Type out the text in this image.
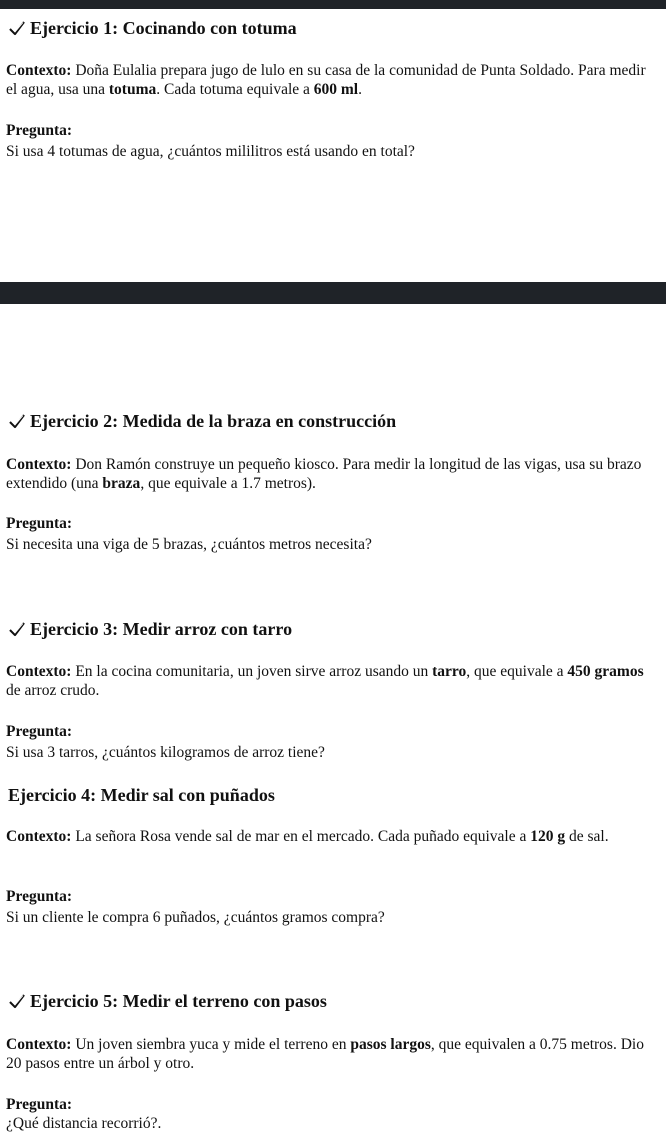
Ejercicio 1: Cocinando con totuma

Contexto: Doña Eulalia prepara jugo de lulo en su casa de la comunidad de Punta Soldado. Para medir el agua, usa una totuma. Cada totuma equivale a 600 ml.

Pregunta:

Si usa 4 totumas de agua, ¿cuántos mililitros está usando en total?

Ejercicio 2: Medida de la braza en construcción

Contexto: Don Ramón construye un pequeño kiosco. Para medir la longitud de las vigas, usa su brazo extendido (una braza, que equivale a 1.7 metros).

Pregunta:

Si necesita una viga de 5 brazas, ¿cuántos metros necesita?

Ejercicio 3: Medir arroz con tarro

Contexto: En la cocina comunitaria, un joven sirve arroz usando un tarro, que equivale a 450 gramos de arroz crudo.

Pregunta:

Si usa 3 tarros, ¿cuántos kilogramos de arroz tiene?

Ejercicio 4: Medir sal con puñados

Contexto: La señora Rosa vende sal de mar en el mercado. Cada puñado equivale a 120 g de sal.

Pregunta:

Si un cliente le compra 6 puñados, ¿cuántos gramos compra?

Ejercicio 5: Medir el terreno con pasos

Contexto: Un joven siembra yuca y mide el terreno en pasos largos, que equivalen a 0.75 metros. Dio 20 pasos entre un árbol y otro.

Pregunta:

¿Qué distancia recorrió?.
